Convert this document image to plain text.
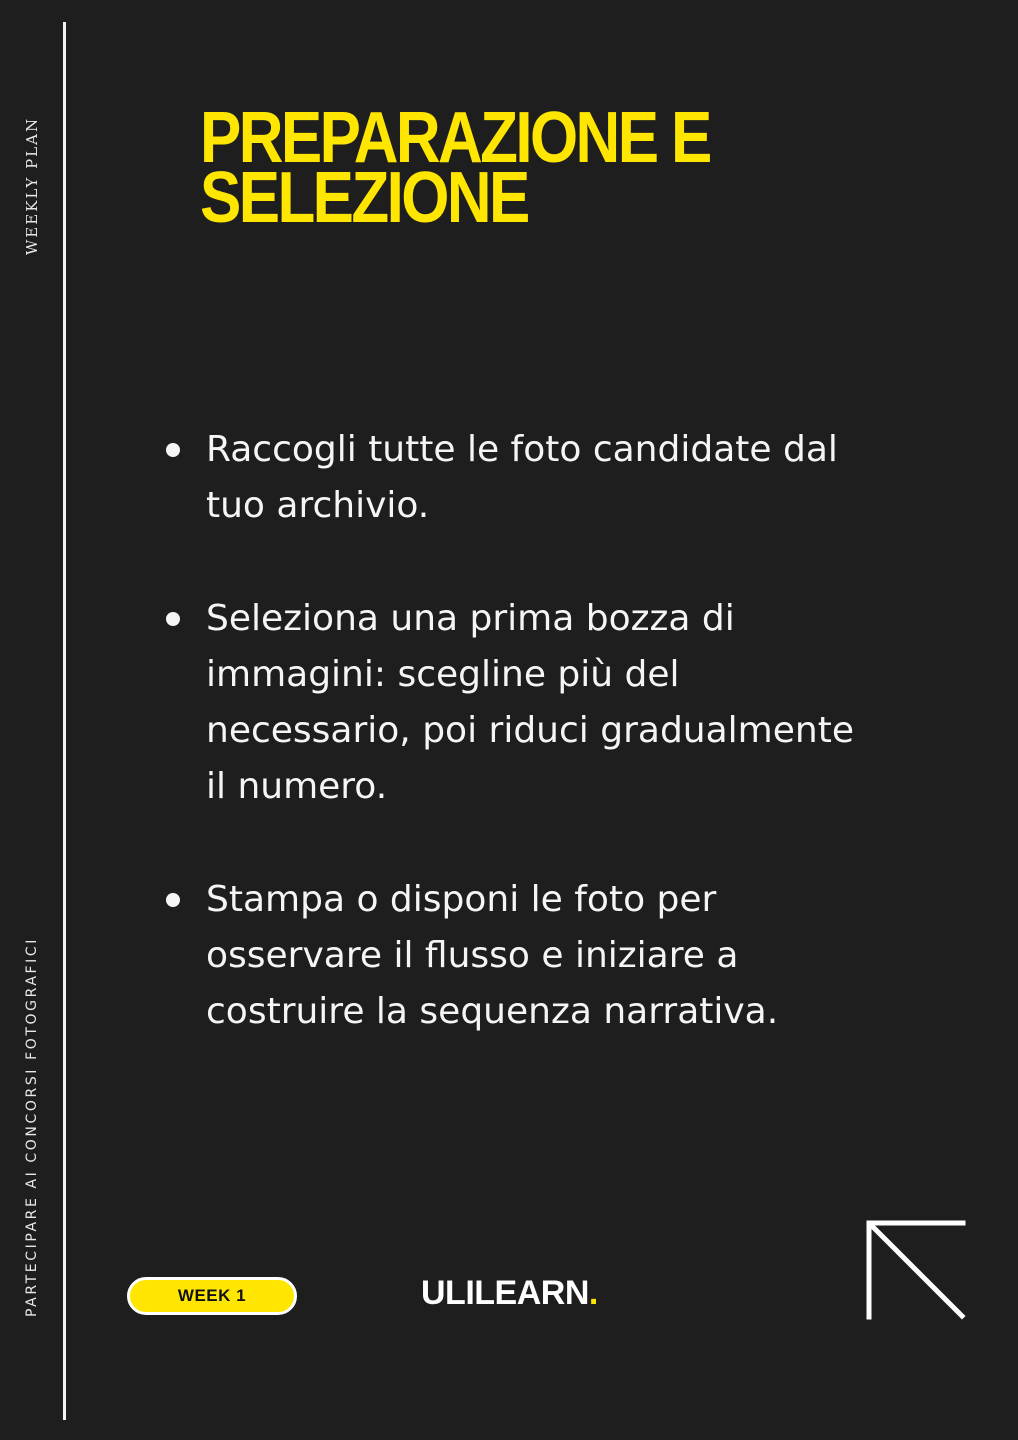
WEEKLY PLAN
PARTECIPARE AI CONCORSI FOTOGRAFICI
PREPARAZIONE E
SELEZIONE
Raccogli tutte le foto candidate dal tuo archivio.
Seleziona una prima bozza di immagini: scegline più del necessario, poi riduci gradualmente il numero.
Stampa o disponi le foto per osservare il flusso e iniziare a costruire la sequenza narrativa.
WEEK 1	ULILEARN.
